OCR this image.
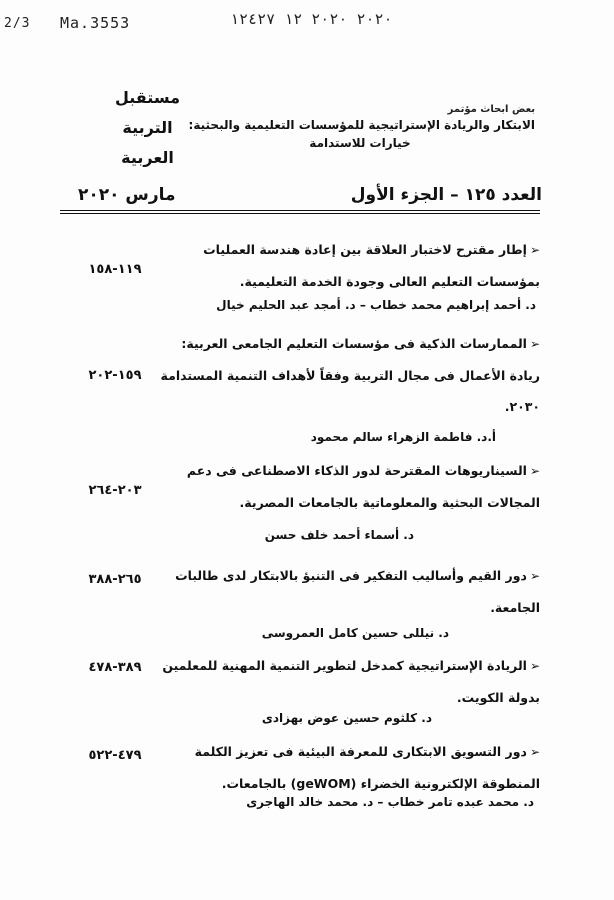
2/3 Ma.3553	٢٠٢٠ ٢٠٢٠ ١٢ ١٢٤٢٧
مستقبل
التربية
العربية
بعض ابحاث مؤتمر
الابتكار والريادة الإستراتيجية للمؤسسات التعليمية والبحثية:
خيارات للاستدامة
العدد ١٢٥ – الجزء الأول
مارس ٢٠٢٠
➢إطار مقترح لاختبار العلاقة بين إعادة هندسة العمليات بمؤسسات التعليم العالى وجودة الخدمة التعليمية.
١١٩-١٥٨
د. أحمد إبراهيم محمد خطاب – د. أمجد عبد الحليم خيال
➢الممارسات الذكية فى مؤسسات التعليم الجامعى العربية: ريادة الأعمال فى مجال التربية وفقاً لأهداف التنمية المستدامة ٢٠٣٠.
١٥٩-٢٠٢
أ.د. فاطمة الزهراء سالم محمود
➢السيناريوهات المقترحة لدور الذكاء الاصطناعى فى دعم المجالات البحثية والمعلوماتية بالجامعات المصرية.
٢٠٣-٢٦٤
د. أسماء أحمد خلف حسن
➢دور القيم وأساليب التفكير فى التنبؤ بالابتكار لدى طالبات الجامعة.
٢٦٥-٣٨٨
د. نيللى حسين كامل العمروسى
➢الريادة الإستراتيجية كمدخل لتطوير التنمية المهنية للمعلمين بدولة الكويت.
٣٨٩-٤٧٨
د. كلثوم حسين عوض بهزادى
➢دور التسويق الابتكارى للمعرفة البيئية فى تعزيز الكلمة المنطوقة الإلكترونية الخضراء (geWOM) بالجامعات.
٤٧٩-٥٢٢
د. محمد عبده تامر خطاب – د. محمد خالد الهاجرى
